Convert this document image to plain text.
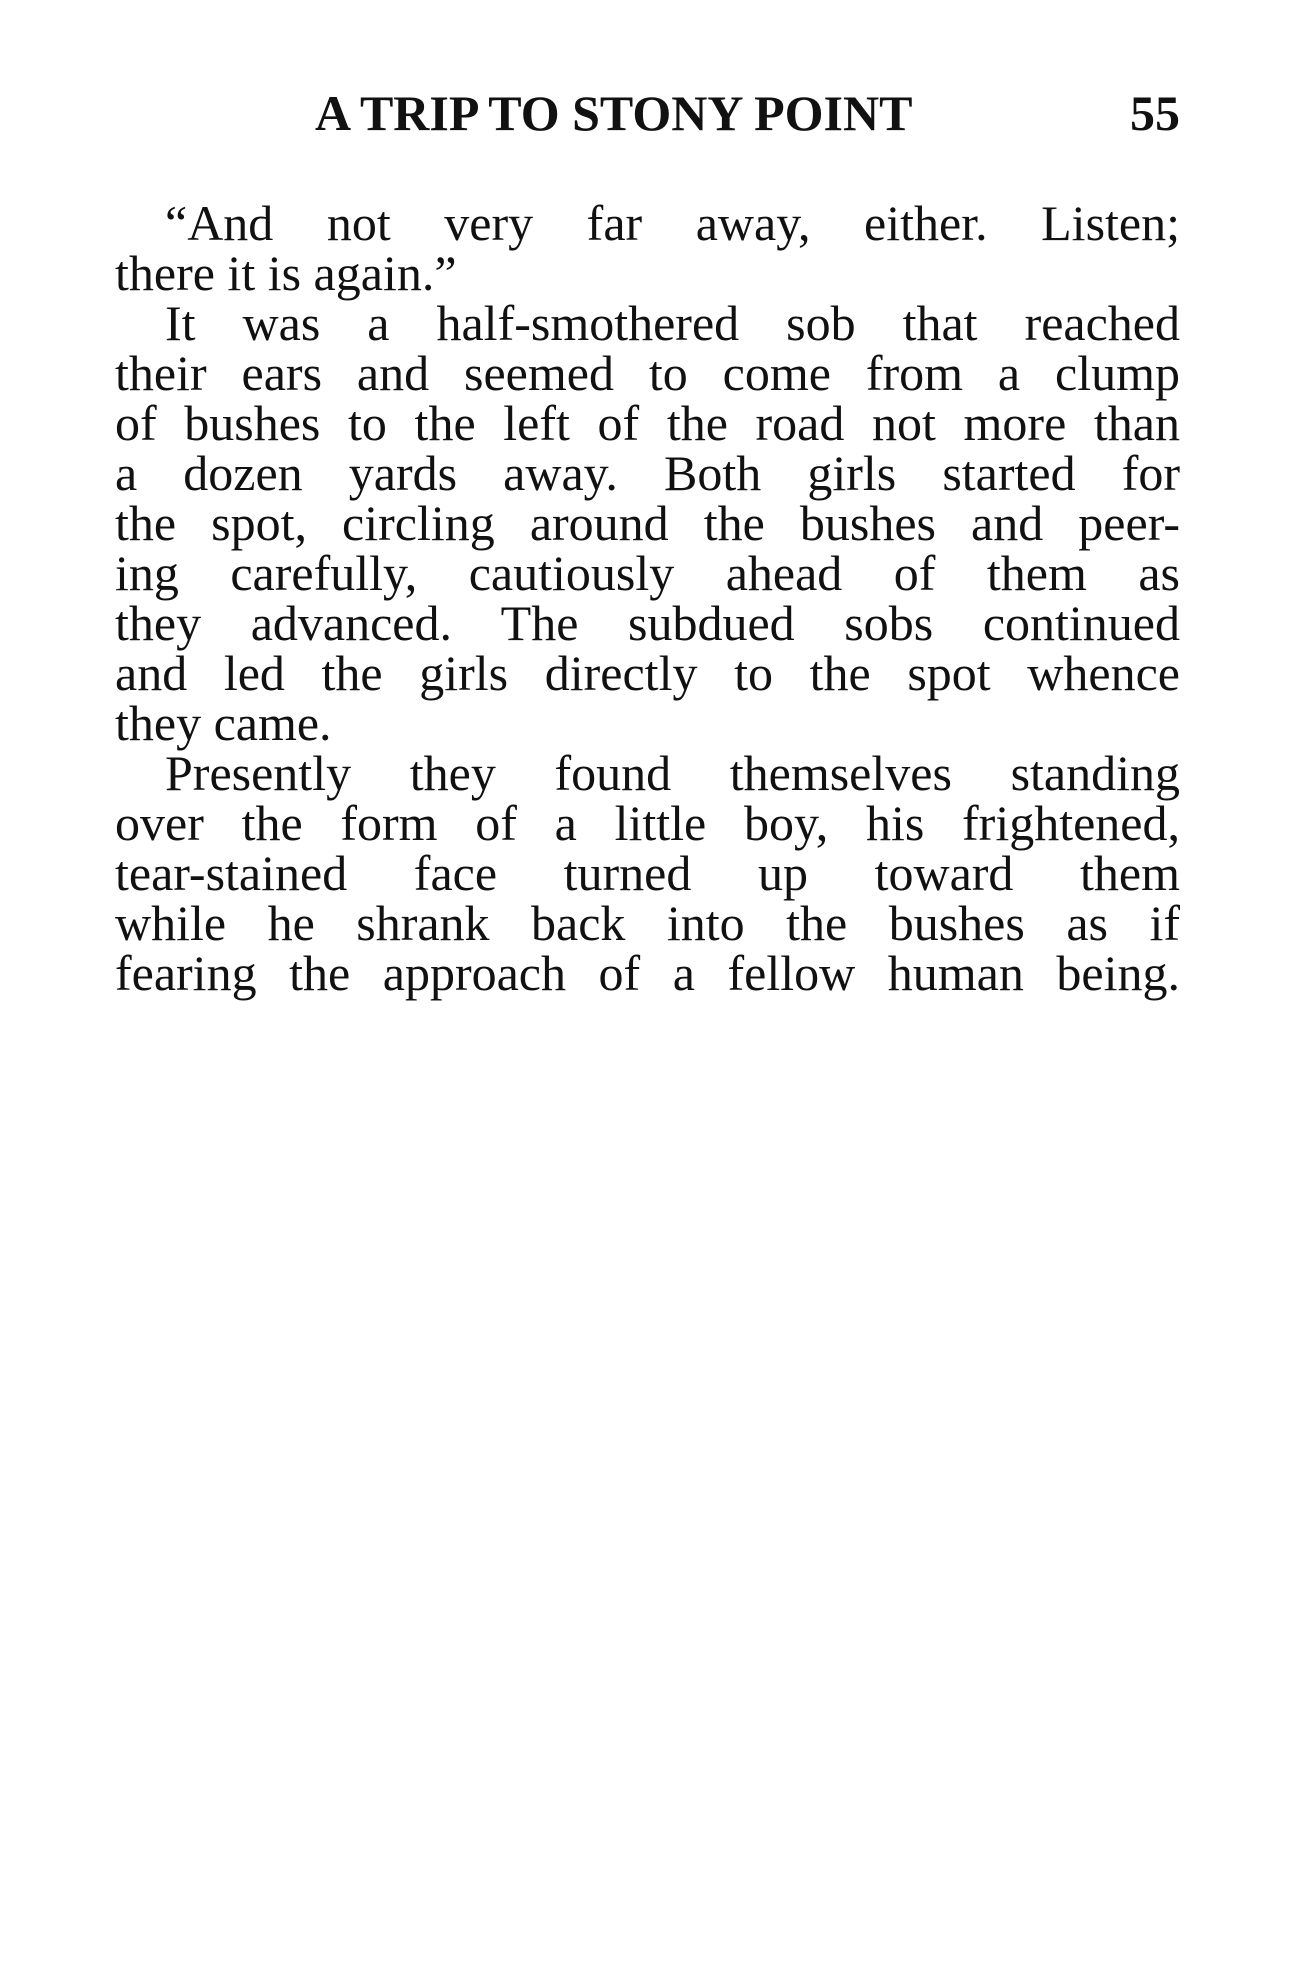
A TRIP TO STONY POINT	55
“And not very far away, either. Listen;
there it is again.”
It was a half-smothered sob that reached
their ears and seemed to come from a clump
of bushes to the left of the road not more than
a dozen yards away. Both girls started for
the spot, circling around the bushes and peer-
ing carefully, cautiously ahead of them as
they advanced. The subdued sobs continued
and led the girls directly to the spot whence
they came.
Presently they found themselves standing
over the form of a little boy, his frightened,
tear-stained face turned up toward them
while he shrank back into the bushes as if
fearing the approach of a fellow human being.
